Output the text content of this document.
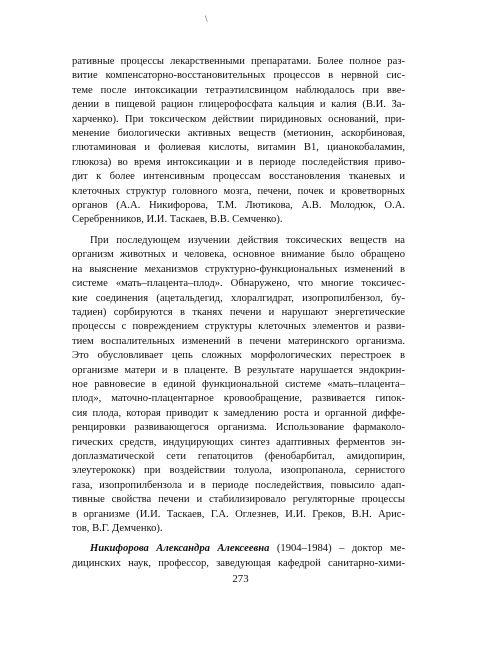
\
ративные процессы лекарственными препаратами. Более полное раз-
витие компенсаторно-восстановительных процессов в нервной сис-
теме после интоксикации тетраэтилсвинцом наблюдалось при вве-
дении в пищевой рацион глицерофосфата кальция и калия (В.И. За-
харченко). При токсическом действии пиридиновых оснований, при-
менение биологически активных веществ (метионин, аскорбиновая,
глютаминовая и фолиевая кислоты, витамин В1, цианокобаламин,
глюкоза) во время интоксикации и в периоде последействия приво-
дит к более интенсивным процессам восстановления тканевых и
клеточных структур головного мозга, печени, почек и кроветворных
органов (А.А. Никифорова, Т.М. Лютикова, А.В. Молодюк, О.А.
Серебренников, И.И. Таскаев, В.В. Семченко).
При последующем изучении действия токсических веществ на
организм животных и человека, основное внимание было обращено
на выяснение механизмов структурно-функциональных изменений в
системе «мать–плацента–плод». Обнаружено, что многие токсичес-
кие соединения (ацетальдегид, хлоралгидрат, изопропилбензол, бу-
тадиен) сорбируются в тканях печени и нарушают энергетические
процессы с повреждением структуры клеточных элементов и разви-
тием воспалительных изменений в печени материнского организма.
Это обусловливает цепь сложных морфологических перестроек в
организме матери и в плаценте. В результате нарушается эндокрин-
ное равновесие в единой функциональной системе «мать–плацента–
плод», маточно-плацентарное кровообращение, развивается гипок-
сия плода, которая приводит к замедлению роста и органной диффе-
ренцировки развивающегося организма. Использование фармаколо-
гических средств, индуцирующих синтез адаптивных ферментов эн-
доплазматической сети гепатоцитов (фенобарбитал, амидопирин,
элеутерококк) при воздействии толуола, изопропанола, сернистого
газа, изопропилбензола и в периоде последействия, повысило адап-
тивные свойства печени и стабилизировало регуляторные процессы
в организме (И.И. Таскаев, Г.А. Оглезнев, И.И. Греков, В.Н. Арис-
тов, В.Г. Демченко).
Никифорова Александра Алексеевна (1904–1984) – доктор ме-
дицинских наук, профессор, заведующая кафедрой санитарно-хими-
273
